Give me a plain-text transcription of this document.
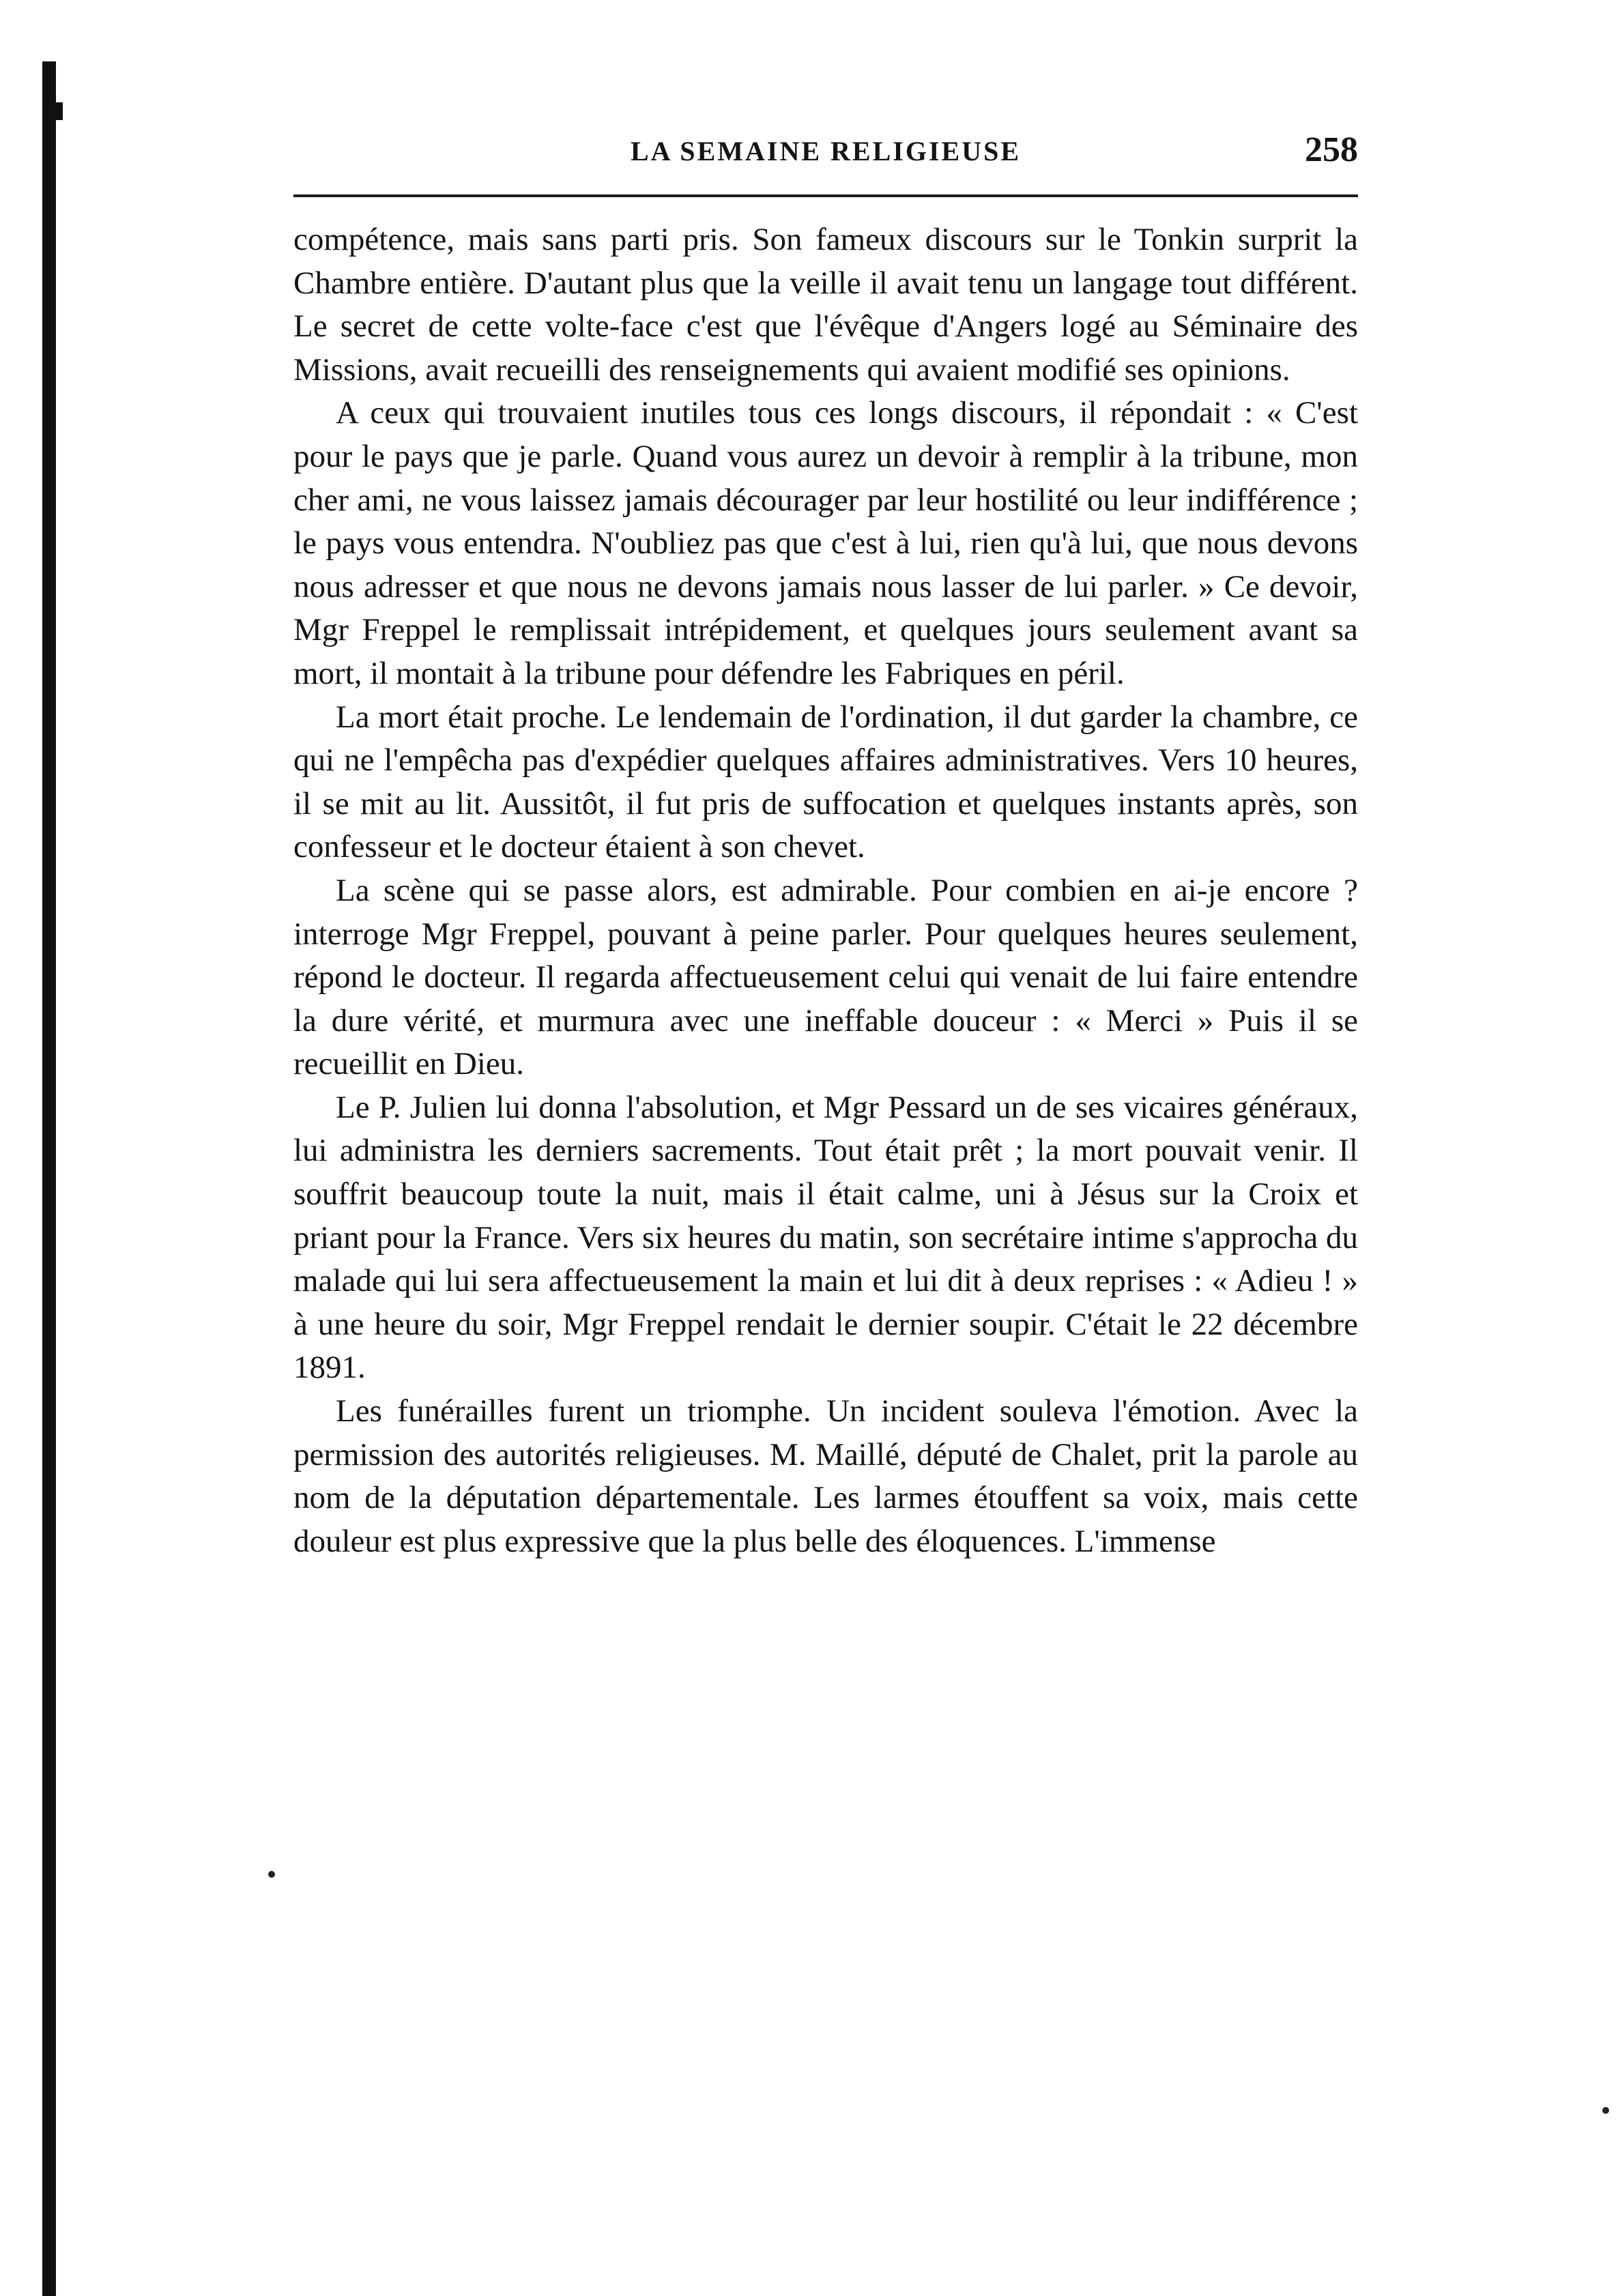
LA SEMAINE RELIGIEUSE	258

compétence, mais sans parti pris. Son fameux discours sur le Tonkin surprit la Chambre entière. D'autant plus que la veille il avait tenu un langage tout différent. Le secret de cette volte-face c'est que l'évêque d'Angers logé au Séminaire des Missions, avait recueilli des renseignements qui avaient modifié ses opinions.

A ceux qui trouvaient inutiles tous ces longs discours, il répondait : « C'est pour le pays que je parle. Quand vous aurez un devoir à remplir à la tribune, mon cher ami, ne vous laissez jamais décourager par leur hostilité ou leur indifférence ; le pays vous entendra. N'oubliez pas que c'est à lui, rien qu'à lui, que nous devons nous adresser et que nous ne devons jamais nous lasser de lui parler. » Ce devoir, Mgr Freppel le remplissait intrépidement, et quelques jours seulement avant sa mort, il montait à la tribune pour défendre les Fabriques en péril.

La mort était proche. Le lendemain de l'ordination, il dut garder la chambre, ce qui ne l'empêcha pas d'expédier quelques affaires administratives. Vers 10 heures, il se mit au lit. Aussitôt, il fut pris de suffocation et quelques instants après, son confesseur et le docteur étaient à son chevet.

La scène qui se passe alors, est admirable. Pour combien en ai-je encore ? interroge Mgr Freppel, pouvant à peine parler. Pour quelques heures seulement, répond le docteur. Il regarda affectueusement celui qui venait de lui faire entendre la dure vérité, et murmura avec une ineffable douceur : « Merci » Puis il se recueillit en Dieu.

Le P. Julien lui donna l'absolution, et Mgr Pessard un de ses vicaires généraux, lui administra les derniers sacrements. Tout était prêt ; la mort pouvait venir. Il souffrit beaucoup toute la nuit, mais il était calme, uni à Jésus sur la Croix et priant pour la France. Vers six heures du matin, son secrétaire intime s'approcha du malade qui lui sera affectueusement la main et lui dit à deux reprises : « Adieu ! » à une heure du soir, Mgr Freppel rendait le dernier soupir. C'était le 22 décembre 1891.

Les funérailles furent un triomphe. Un incident souleva l'émotion. Avec la permission des autorités religieuses. M. Maillé, député de Chalet, prit la parole au nom de la députation départementale. Les larmes étouffent sa voix, mais cette douleur est plus expressive que la plus belle des éloquences. L'immense
